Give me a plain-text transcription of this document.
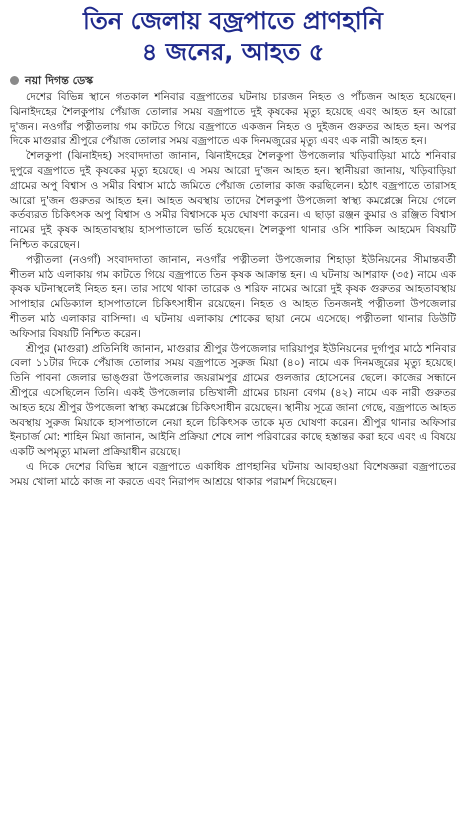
তিন জেলায় বজ্রপাতে প্রাণহানি
৪ জনের, আহত ৫
নয়া দিগন্ত ডেস্ক

দেশের বিভিন্ন স্থানে গতকাল শনিবার বজ্রপাতের ঘটনায় চারজন নিহত ও পাঁচজন আহত হয়েছেন। ঝিনাইদহের শৈলকুপায় পেঁয়াজ তোলার সময় বজ্রপাতে দুই কৃষকের মৃত্যু হয়েছে এবং আহত হন আরো দু'জন। নওগাঁর পত্নীতলায় গম কাটতে গিয়ে বজ্রপাতে একজন নিহত ও দুইজন গুরুতর আহত হন। অপর দিকে মাগুরার শ্রীপুরে পেঁয়াজ তোলার সময় বজ্রপাতে এক দিনমজুরের মৃত্যু এবং এক নারী আহত হন।

শৈলকুপা (ঝিনাইদহ) সংবাদদাতা জানান, ঝিনাইদহের শৈলকুপা উপজেলার খড়িবাড়িয়া মাঠে শনিবার দুপুরে বজ্রপাতে দুই কৃষকের মৃত্যু হয়েছে। এ সময় আরো দু'জন আহত হন। স্থানীয়রা জানায়, খড়িবাড়িয়া গ্রামের অপু বিশ্বাস ও সমীর বিশ্বাস মাঠে জমিতে পেঁয়াজ তোলার কাজ করছিলেন। হঠাৎ বজ্রপাতে তারাসহ আরো দু'জন গুরুতর আহত হন। আহত অবস্থায় তাদের শৈলকুপা উপজেলা স্বাস্থ্য কমপ্লেক্সে নিয়ে গেলে কর্তব্যরত চিকিৎসক অপু বিশ্বাস ও সমীর বিশ্বাসকে মৃত ঘোষণা করেন। এ ছাড়া রঞ্জন কুমার ও রঞ্জিত বিশ্বাস নামের দুই কৃষক আহতাবস্থায় হাসপাতালে ভর্তি হয়েছেন। শৈলকুপা থানার ওসি শাকিল আহমেদ বিষয়টি নিশ্চিত করেছেন।

পত্নীতলা (নওগাঁ) সংবাদদাতা জানান, নওগাঁর পত্নীতলা উপজেলার শিহাড়া ইউনিয়নের সীমান্তবর্তী শীতল মাঠ এলাকায় গম কাটতে গিয়ে বজ্রপাতে তিন কৃষক আক্রান্ত হন। এ ঘটনায় আশরাফ (৩৫) নামে এক কৃষক ঘটনাস্থলেই নিহত হন। তার সাথে থাকা তারেক ও শরিফ নামের আরো দুই কৃষক গুরুতর আহতাবস্থায় সাপাহার মেডিক্যাল হাসপাতালে চিকিৎসাধীন রয়েছেন। নিহত ও আহত তিনজনই পত্নীতলা উপজেলার শীতল মাঠ এলাকার বাসিন্দা। এ ঘটনায় এলাকায় শোকের ছায়া নেমে এসেছে। পত্নীতলা থানার ডিউটি অফিসার বিষয়টি নিশ্চিত করেন।

শ্রীপুর (মাগুরা) প্রতিনিধি জানান, মাগুরার শ্রীপুর উপজেলার দারিয়াপুর ইউনিয়নের দুর্গাপুর মাঠে শনিবার বেলা ১১টার দিকে পেঁয়াজ তোলার সময় বজ্রপাতে সুরুজ মিয়া (৪০) নামে এক দিনমজুরের মৃত্যু হয়েছে। তিনি পাবনা জেলার ভাঙ্গুরা উপজেলার জয়রামপুর গ্রামের গুলজার হোসেনের ছেলে। কাজের সন্ধানে শ্রীপুরে এসেছিলেন তিনি। একই উপজেলার চন্ডিখালী গ্রামের চায়না বেগম (৪২) নামে এক নারী গুরুতর আহত হয়ে শ্রীপুর উপজেলা স্বাস্থ্য কমপ্লেক্সে চিকিৎসাধীন রয়েছেন। স্থানীয় সূত্রে জানা গেছে, বজ্রপাতে আহত অবস্থায় সুরুজ মিয়াকে হাসপাতালে নেয়া হলে চিকিৎসক তাকে মৃত ঘোষণা করেন। শ্রীপুর থানার অফিসার ইনচার্জ মো: শাহিন মিয়া জানান, আইনি প্রক্রিয়া শেষে লাশ পরিবারের কাছে হস্তান্তর করা হবে এবং এ বিষয়ে একটি অপমৃত্যু মামলা প্রক্রিয়াধীন রয়েছে।

এ দিকে দেশের বিভিন্ন স্থানে বজ্রপাতে একাধিক প্রাণহানির ঘটনায় আবহাওয়া বিশেষজ্ঞরা বজ্রপাতের সময় খোলা মাঠে কাজ না করতে এবং নিরাপদ আশ্রয়ে থাকার পরামর্শ দিয়েছেন।
